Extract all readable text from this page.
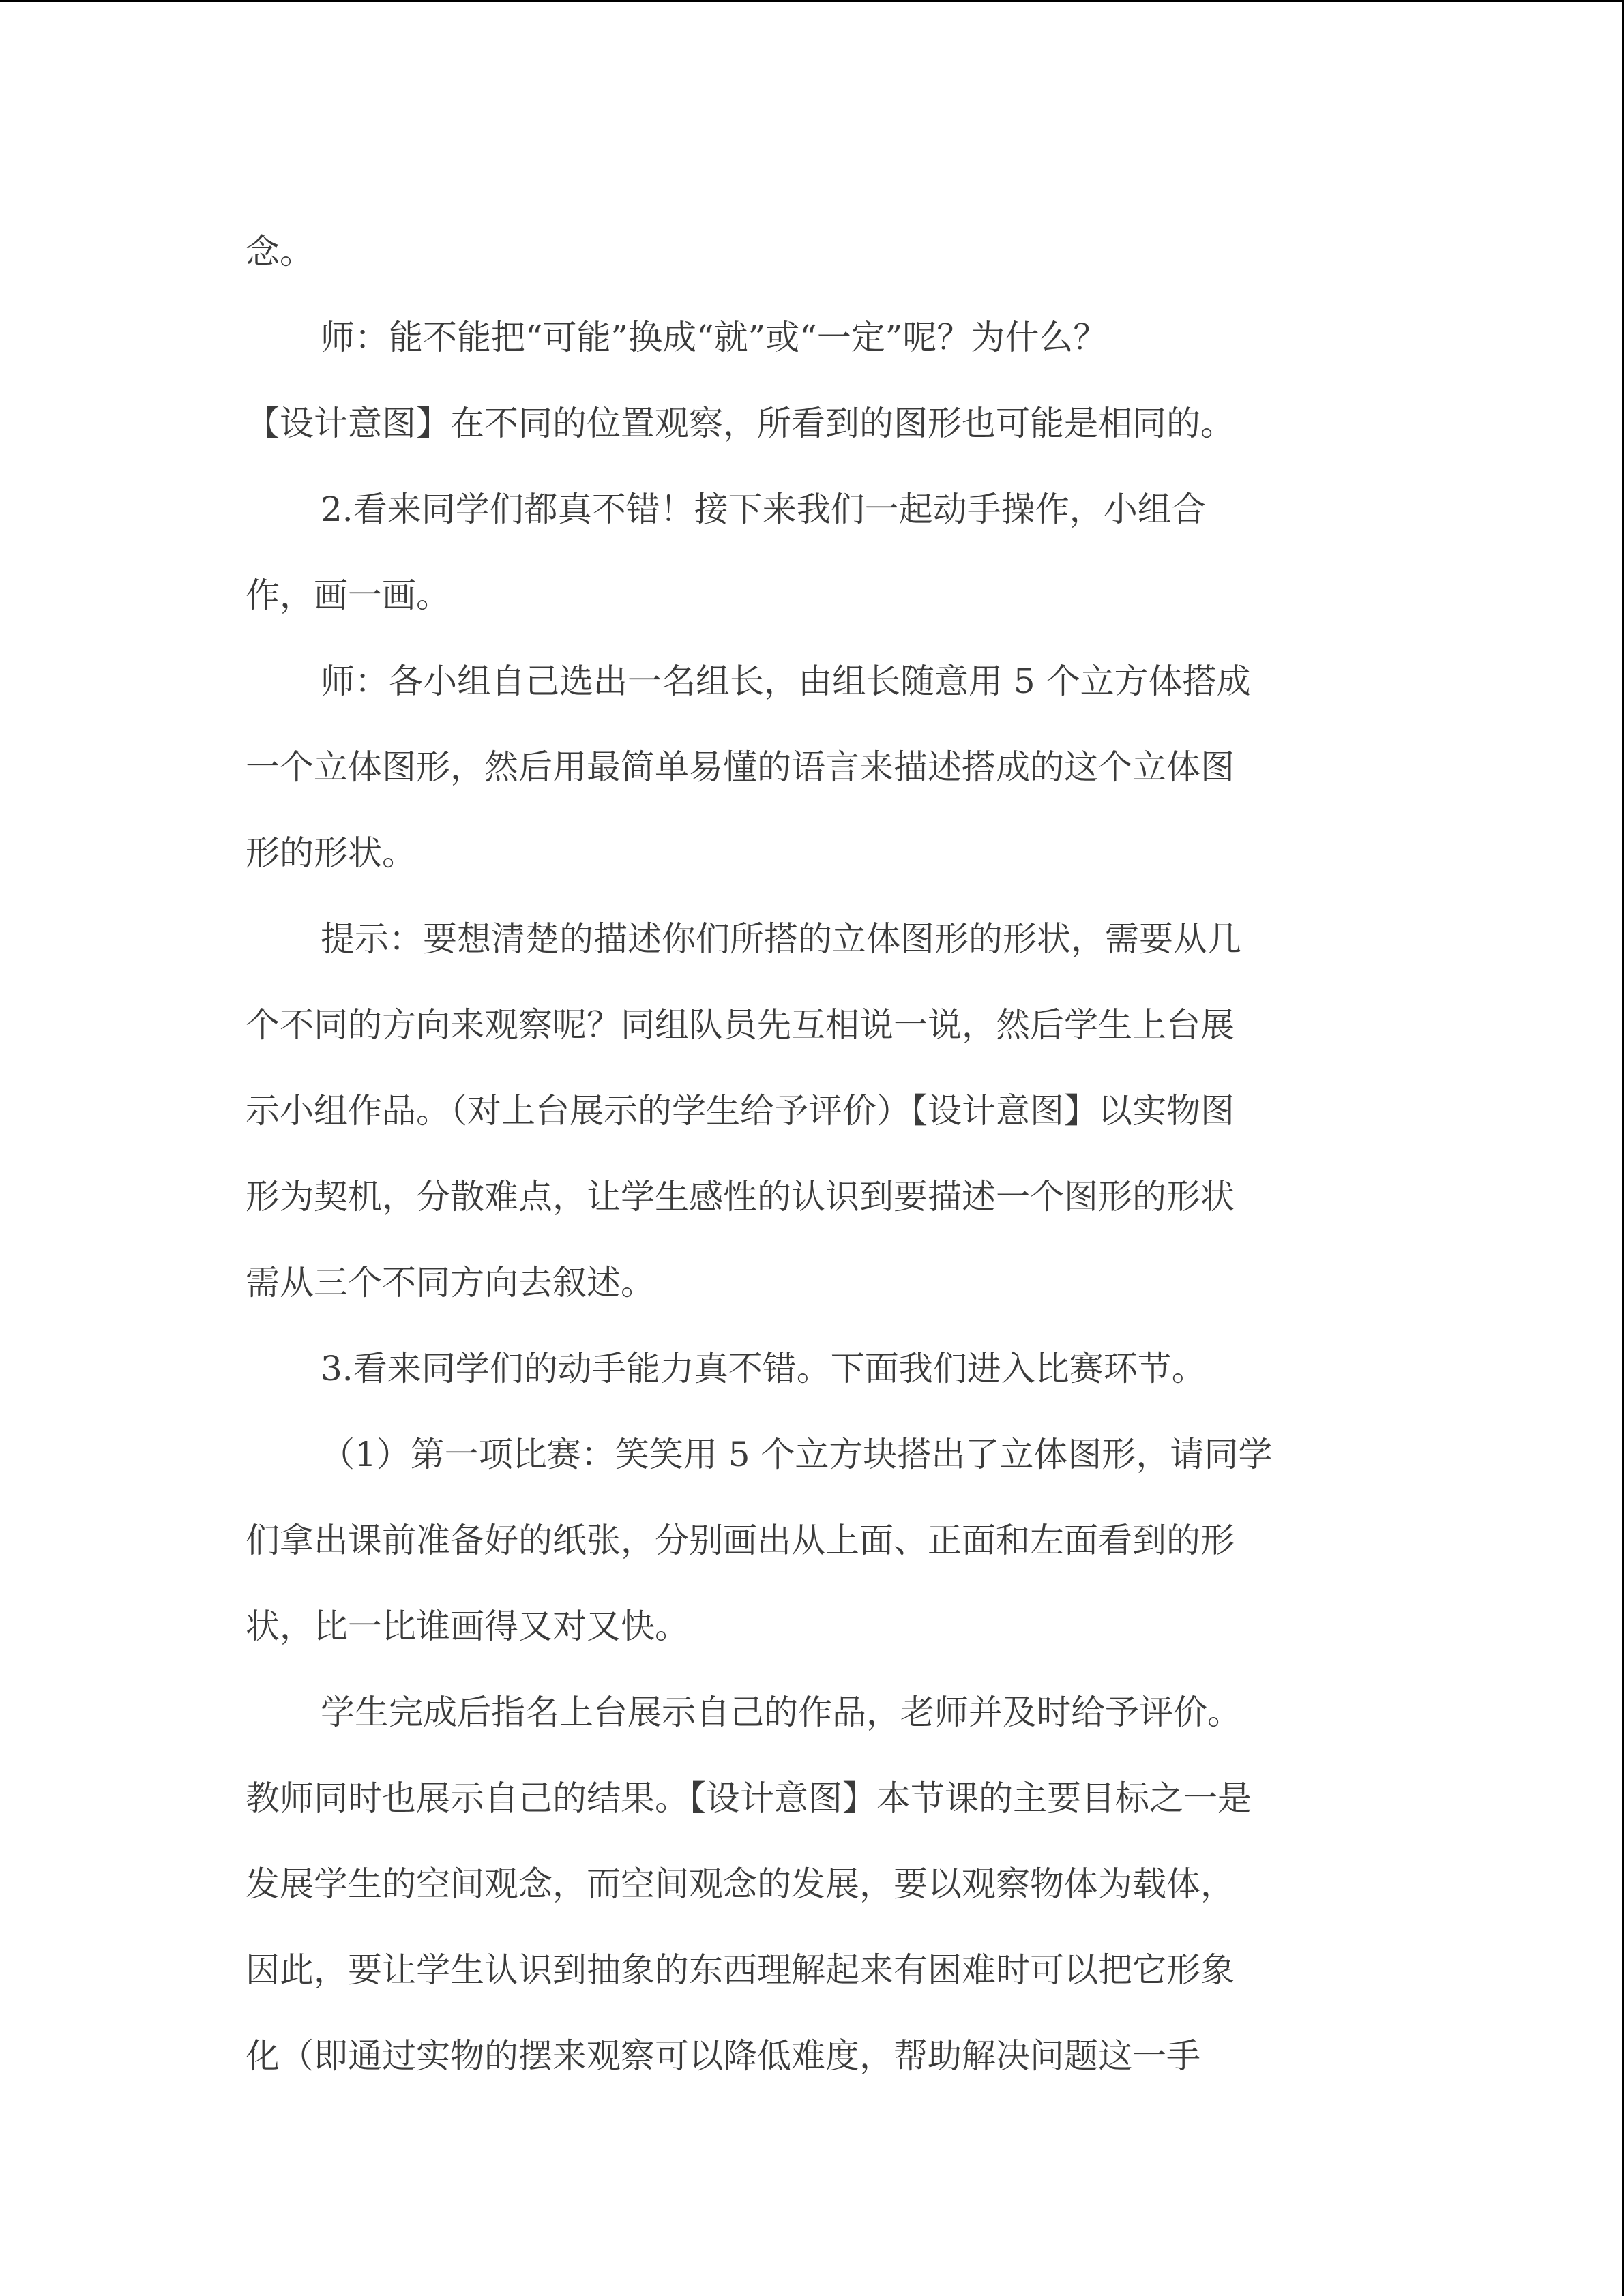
念。
师：能不能把“可能”换成“就”或“一定”呢？为什么？
【设计意图】在不同的位置观察，所看到的图形也可能是相同的。
2.看来同学们都真不错！接下来我们一起动手操作，小组合
作，画一画。
师：各小组自己选出一名组长，由组长随意用 5 个立方体搭成
一个立体图形，然后用最简单易懂的语言来描述搭成的这个立体图
形的形状。
提示：要想清楚的描述你们所搭的立体图形的形状，需要从几
个不同的方向来观察呢？同组队员先互相说一说，然后学生上台展
示小组作品。（对上台展示的学生给予评价）【设计意图】以实物图
形为契机，分散难点，让学生感性的认识到要描述一个图形的形状
需从三个不同方向去叙述。
3.看来同学们的动手能力真不错。下面我们进入比赛环节。
（1）第一项比赛：笑笑用 5 个立方块搭出了立体图形，请同学
们拿出课前准备好的纸张，分别画出从上面、正面和左面看到的形
状，比一比谁画得又对又快。
学生完成后指名上台展示自己的作品，老师并及时给予评价。
教师同时也展示自己的结果。【设计意图】本节课的主要目标之一是
发展学生的空间观念，而空间观念的发展，要以观察物体为载体，
因此，要让学生认识到抽象的东西理解起来有困难时可以把它形象
化（即通过实物的摆来观察可以降低难度，帮助解决问题这一手
